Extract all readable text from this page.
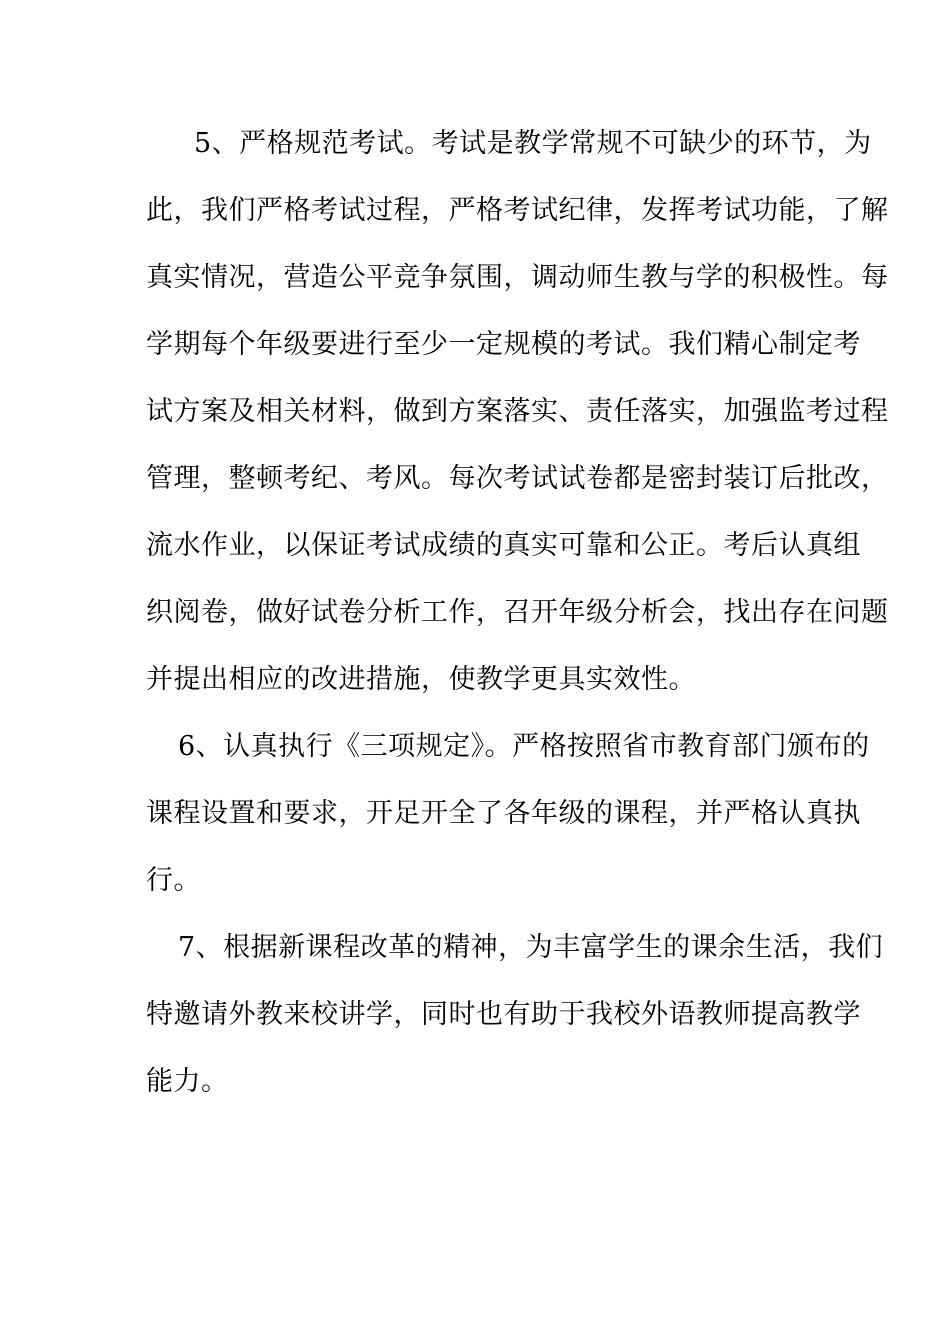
5、严格规范考试。考试是教学常规不可缺少的环节，为
此，我们严格考试过程，严格考试纪律，发挥考试功能，了解
真实情况，营造公平竞争氛围，调动师生教与学的积极性。每
学期每个年级要进行至少一定规模的考试。我们精心制定考
试方案及相关材料，做到方案落实、责任落实，加强监考过程
管理，整顿考纪、考风。每次考试试卷都是密封装订后批改，
流水作业，以保证考试成绩的真实可靠和公正。考后认真组
织阅卷，做好试卷分析工作，召开年级分析会，找出存在问题
并提出相应的改进措施，使教学更具实效性。
6、认真执行《三项规定》。严格按照省市教育部门颁布的
课程设置和要求，开足开全了各年级的课程，并严格认真执
行。
7、根据新课程改革的精神，为丰富学生的课余生活，我们
特邀请外教来校讲学，同时也有助于我校外语教师提高教学
能力。
